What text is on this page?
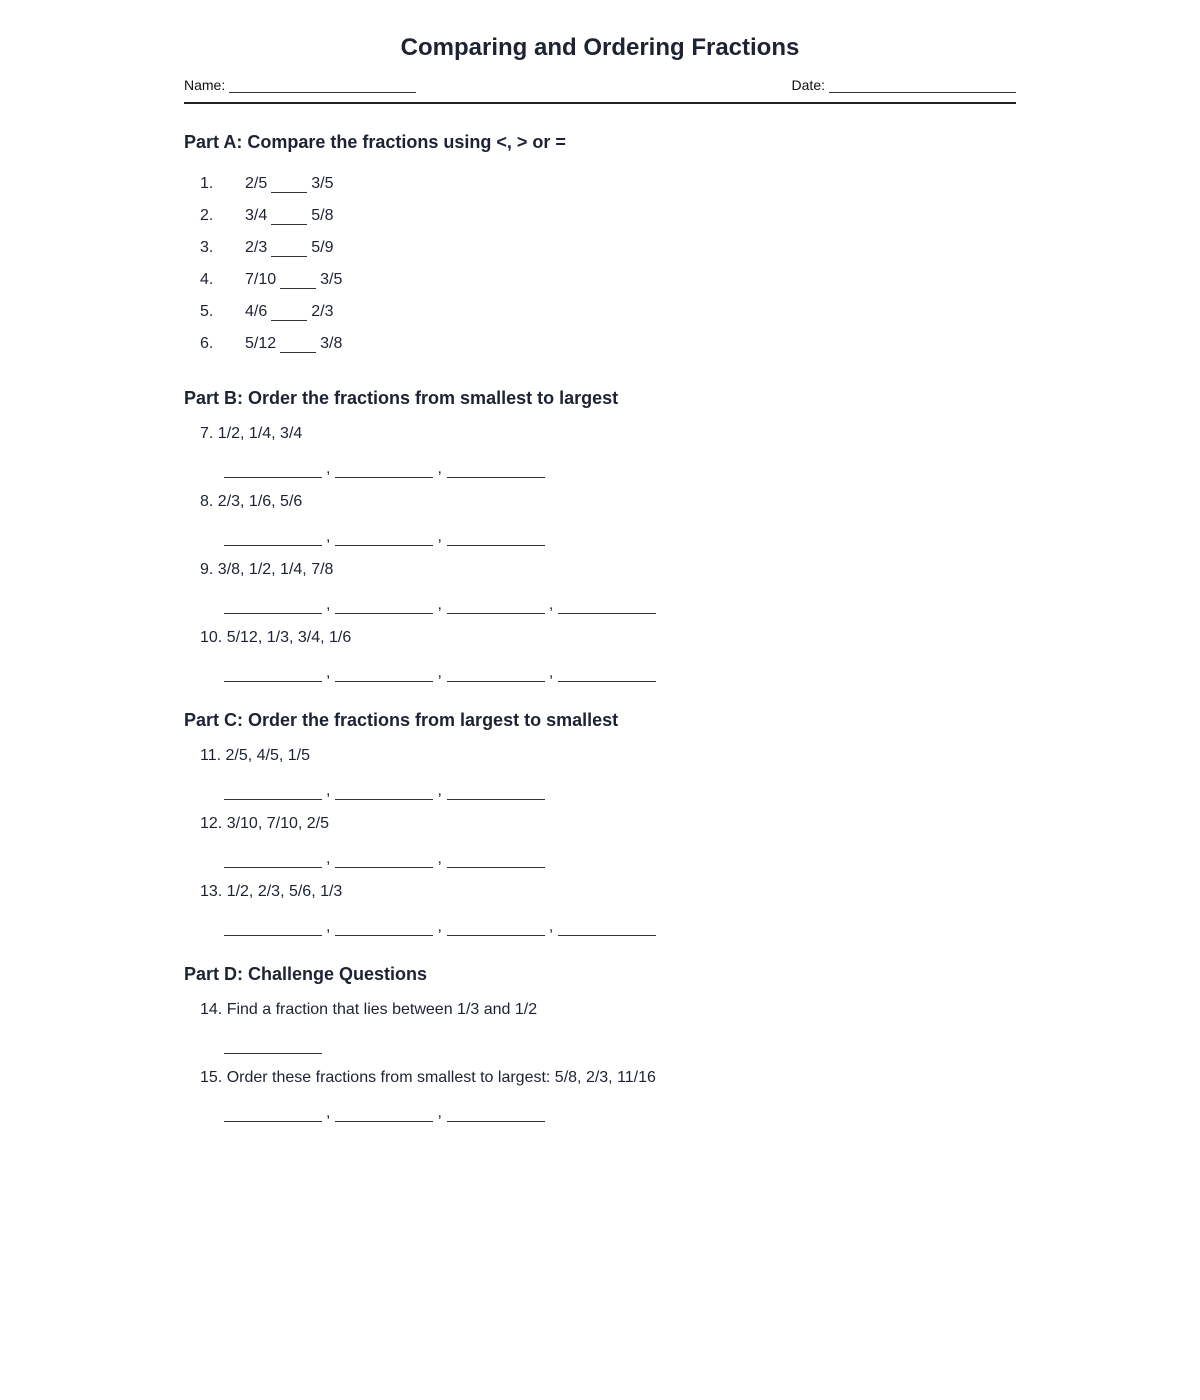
Comparing and Ordering Fractions
Name:	Date:
Part A: Compare the fractions using <, > or =
1.	2/5	3/5
2.	3/4	5/8
3.	2/3	5/9
4.	7/10	3/5
5.	4/6	2/3
6.	5/12	3/8
Part B: Order the fractions from smallest to largest
7. 1/2, 1/4, 3/4
,	,
8. 2/3, 1/6, 5/6
,	,
9. 3/8, 1/2, 1/4, 7/8
,	,	,
10. 5/12, 1/3, 3/4, 1/6
,	,	,
Part C: Order the fractions from largest to smallest
11. 2/5, 4/5, 1/5
,	,
12. 3/10, 7/10, 2/5
,	,
13. 1/2, 2/3, 5/6, 1/3
,	,	,
Part D: Challenge Questions
14. Find a fraction that lies between 1/3 and 1/2
15. Order these fractions from smallest to largest: 5/8, 2/3, 11/16
,	,
